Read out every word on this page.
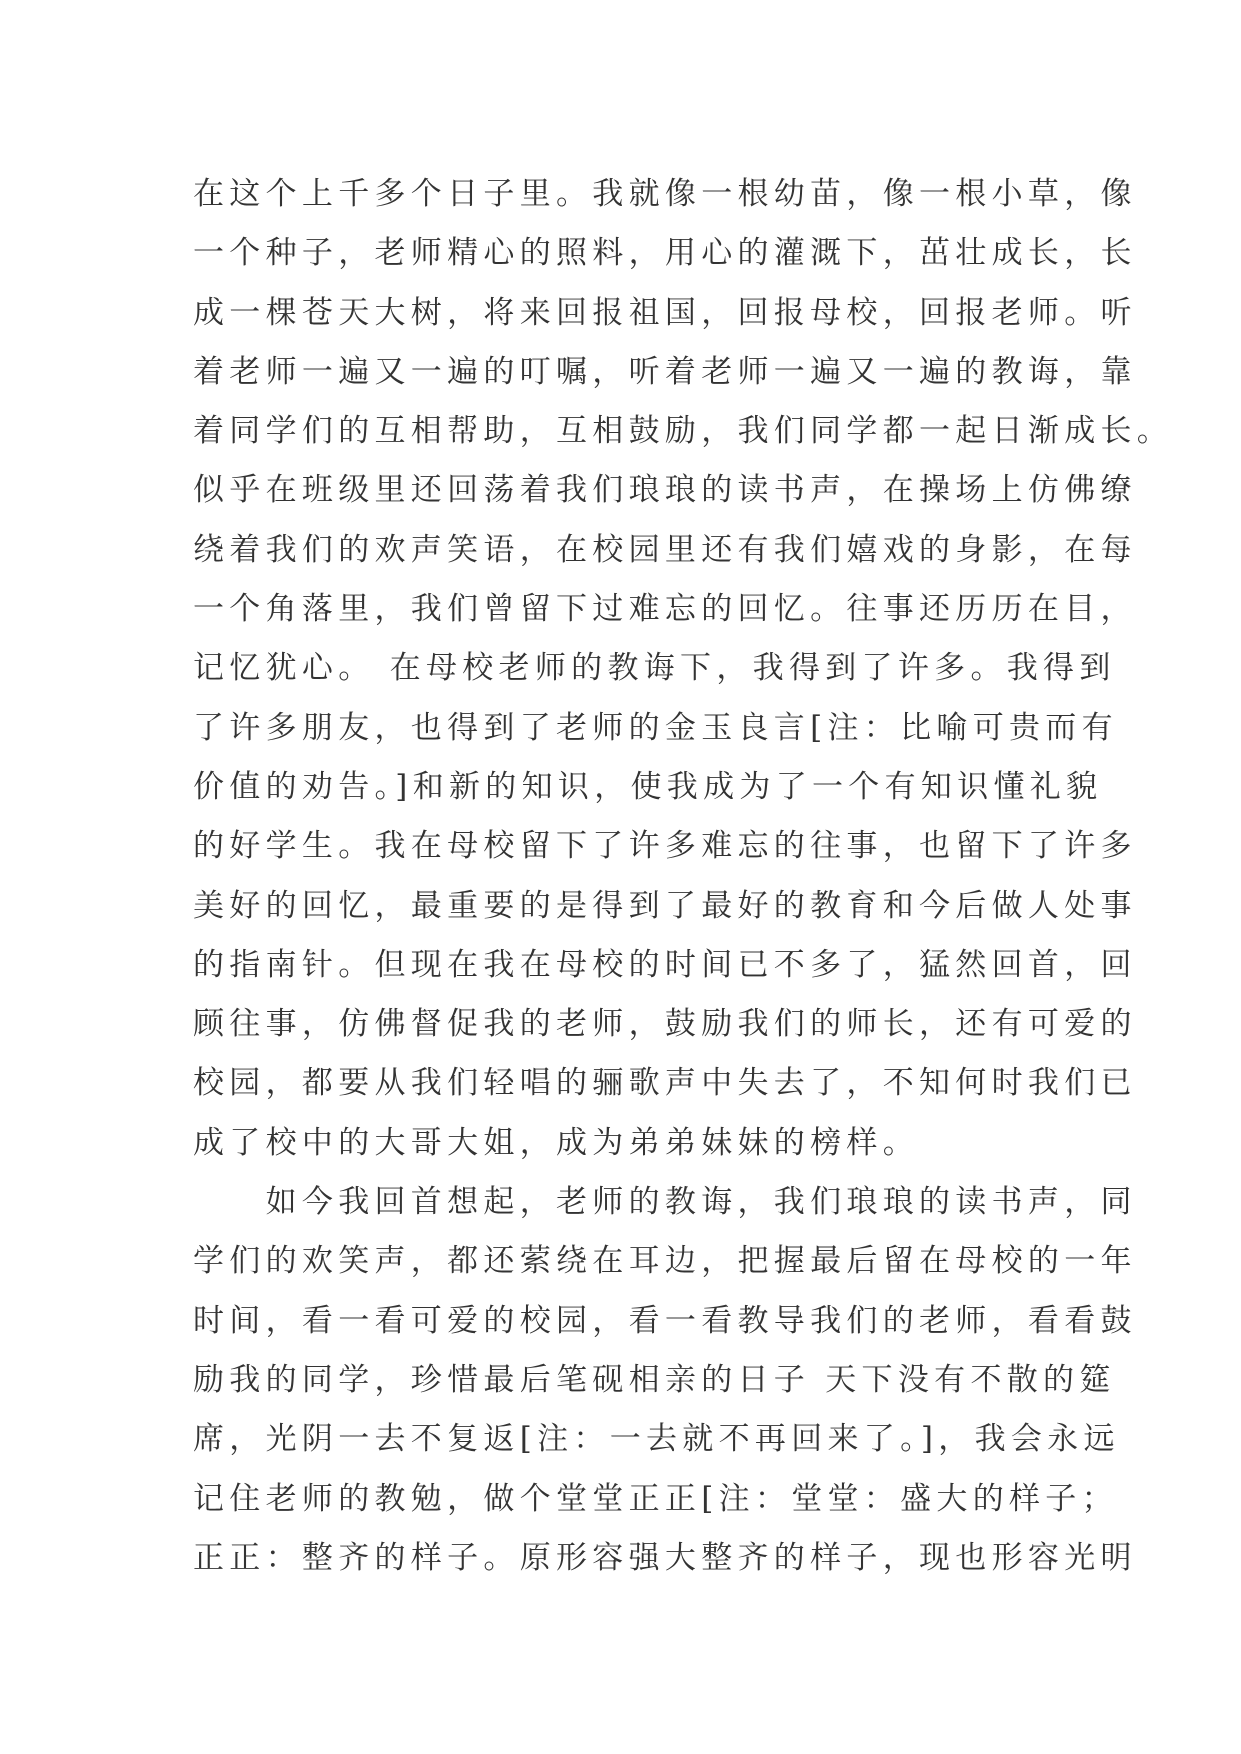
在这个上千多个日子里。我就像一根幼苗，像一根小草，像
一个种子，老师精心的照料，用心的灌溉下，茁壮成长，长
成一棵苍天大树，将来回报祖国，回报母校，回报老师。听
着老师一遍又一遍的叮嘱，听着老师一遍又一遍的教诲，靠
着同学们的互相帮助，互相鼓励，我们同学都一起日渐成长。
似乎在班级里还回荡着我们琅琅的读书声，在操场上仿佛缭
绕着我们的欢声笑语，在校园里还有我们嬉戏的身影，在每
一个角落里，我们曾留下过难忘的回忆。往事还历历在目，
记忆犹心。 在母校老师的教诲下，我得到了许多。我得到
了许多朋友，也得到了老师的金玉良言[注：比喻可贵而有
价值的劝告。]和新的知识，使我成为了一个有知识懂礼貌
的好学生。我在母校留下了许多难忘的往事，也留下了许多
美好的回忆，最重要的是得到了最好的教育和今后做人处事
的指南针。但现在我在母校的时间已不多了，猛然回首，回
顾往事，仿佛督促我的老师，鼓励我们的师长，还有可爱的
校园，都要从我们轻唱的骊歌声中失去了，不知何时我们已
成了校中的大哥大姐，成为弟弟妹妹的榜样。
　　如今我回首想起，老师的教诲，我们琅琅的读书声，同
学们的欢笑声，都还萦绕在耳边，把握最后留在母校的一年
时间，看一看可爱的校园，看一看教导我们的老师，看看鼓
励我的同学，珍惜最后笔砚相亲的日子 天下没有不散的筵
席，光阴一去不复返[注：一去就不再回来了。]，我会永远
记住老师的教勉，做个堂堂正正[注：堂堂：盛大的样子；
正正：整齐的样子。原形容强大整齐的样子，现也形容光明
